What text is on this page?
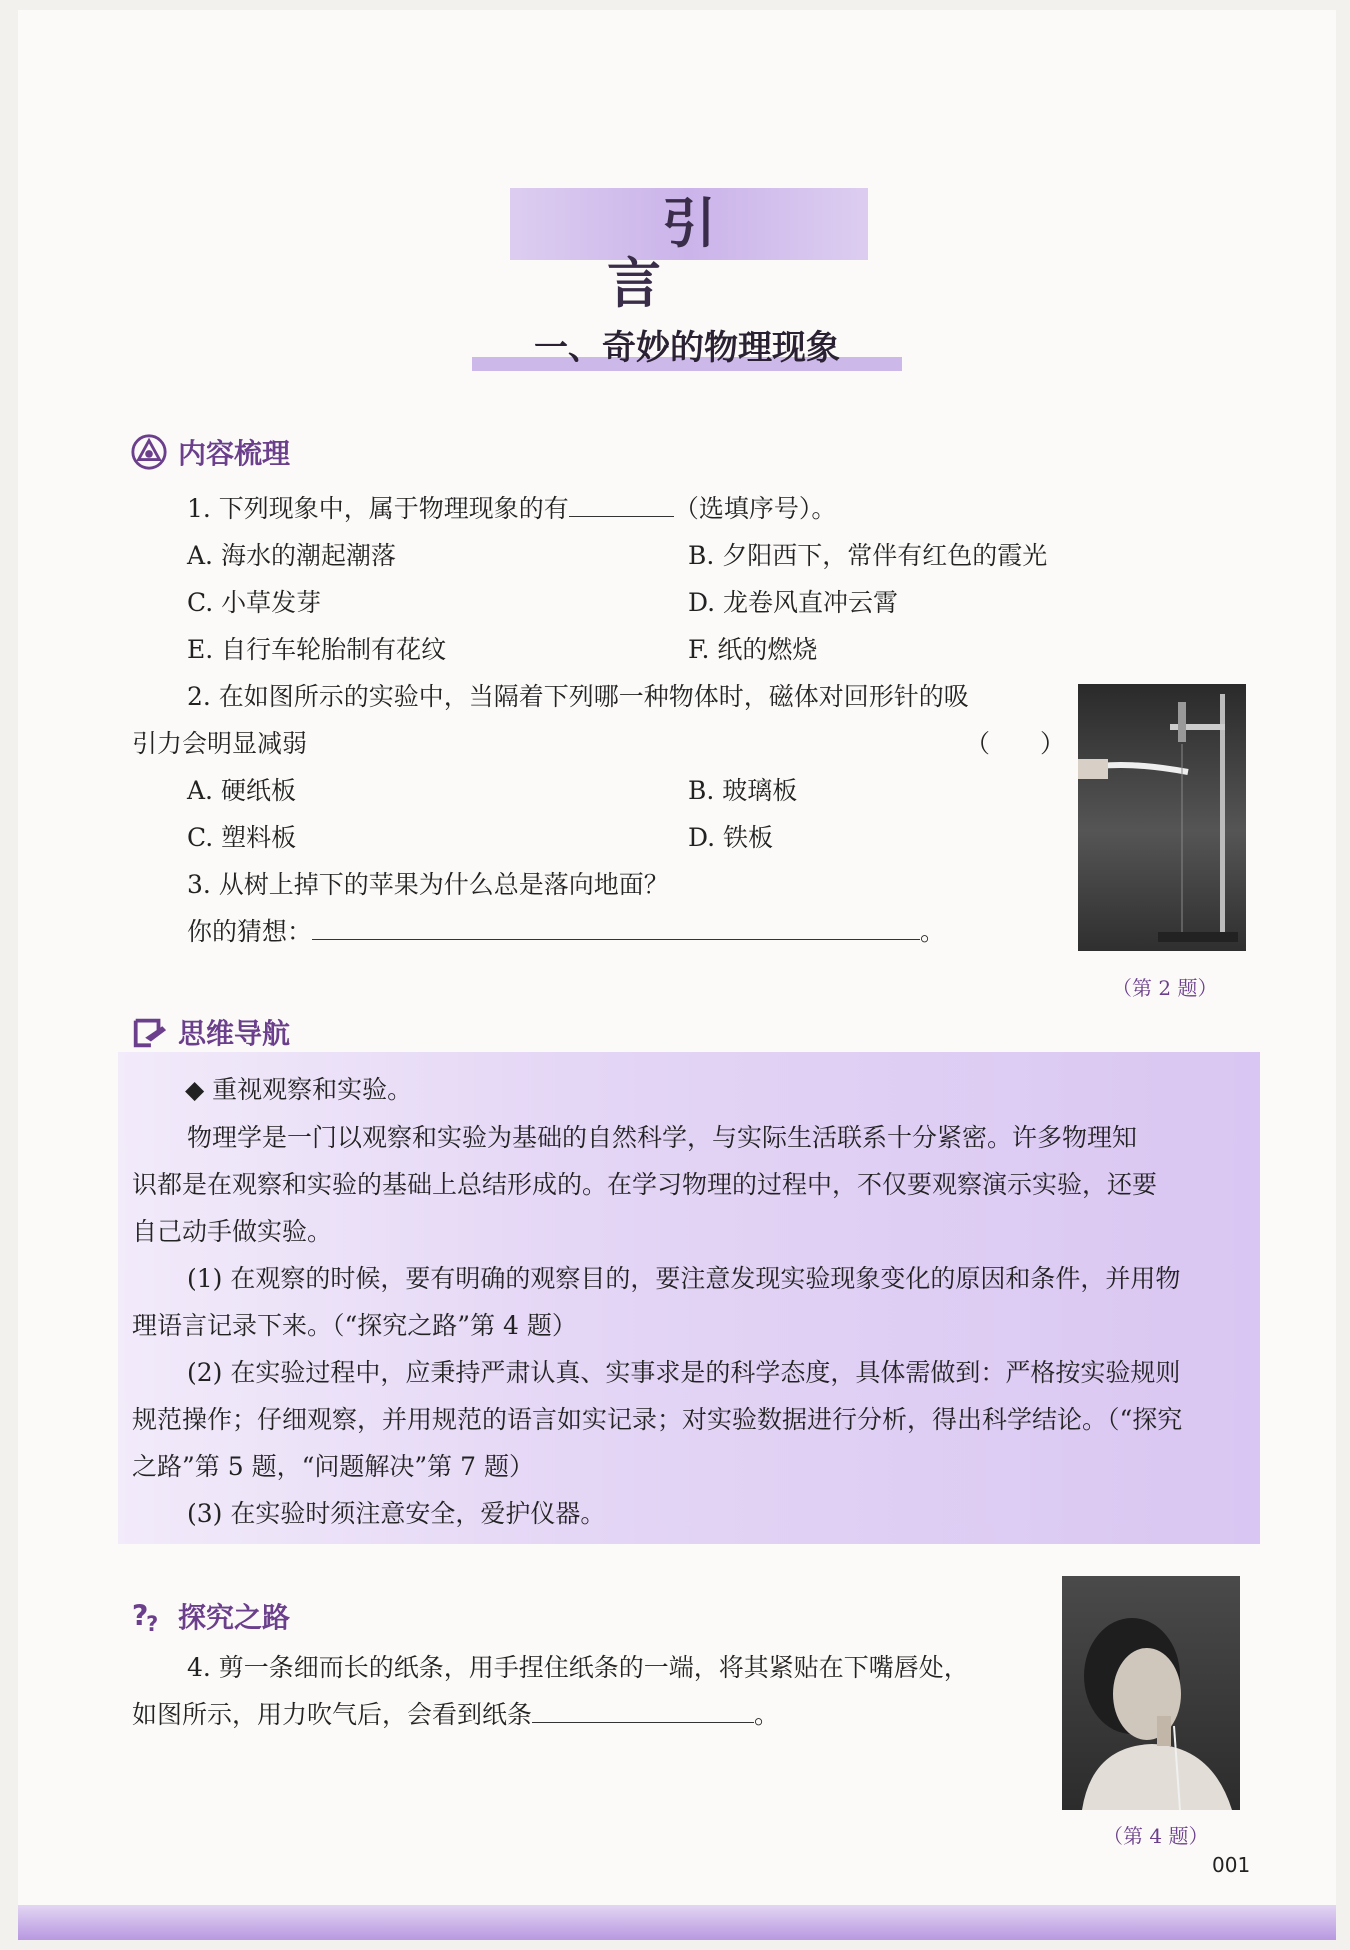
引言
一、奇妙的物理现象
内容梳理
1. 下列现象中，属于物理现象的有	（选填序号）。
A. 海水的潮起潮落	B. 夕阳西下，常伴有红色的霞光
C. 小草发芽	D. 龙卷风直冲云霄
E. 自行车轮胎制有花纹	F. 纸的燃烧
2. 在如图所示的实验中，当隔着下列哪一种物体时，磁体对回形针的吸
引力会明显减弱	（　　）
A. 硬纸板	B. 玻璃板
C. 塑料板	D. 铁板
3. 从树上掉下的苹果为什么总是落向地面？
你的猜想：	。
（第 2 题）
思维导航
◆ 重视观察和实验。
物理学是一门以观察和实验为基础的自然科学，与实际生活联系十分紧密。许多物理知
识都是在观察和实验的基础上总结形成的。在学习物理的过程中，不仅要观察演示实验，还要
自己动手做实验。
(1) 在观察的时候，要有明确的观察目的，要注意发现实验现象变化的原因和条件，并用物
理语言记录下来。（“探究之路”第 4 题）
(2) 在实验过程中，应秉持严肃认真、实事求是的科学态度，具体需做到：严格按实验规则
规范操作；仔细观察，并用规范的语言如实记录；对实验数据进行分析，得出科学结论。（“探究
之路”第 5 题，“问题解决”第 7 题）
(3) 在实验时须注意安全，爱护仪器。
?
? 探究之路
4. 剪一条细而长的纸条，用手捏住纸条的一端，将其紧贴在下嘴唇处，
如图所示，用力吹气后，会看到纸条	。
（第 4 题）
001
